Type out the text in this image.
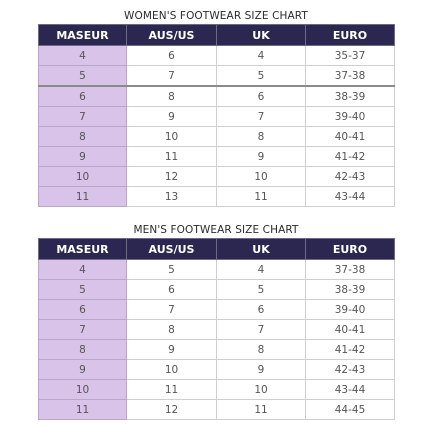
WOMEN'S FOOTWEAR SIZE CHART
MASEUR	AUS/US	UK	EURO
4	6	4	35-37
5	7	5	37-38
6	8	6	38-39
7	9	7	39-40
8	10	8	40-41
9	11	9	41-42
10	12	10	42-43
11	13	11	43-44
MEN'S FOOTWEAR SIZE CHART
MASEUR	AUS/US	UK	EURO
4	5	4	37-38
5	6	5	38-39
6	7	6	39-40
7	8	7	40-41
8	9	8	41-42
9	10	9	42-43
10	11	10	43-44
11	12	11	44-45
